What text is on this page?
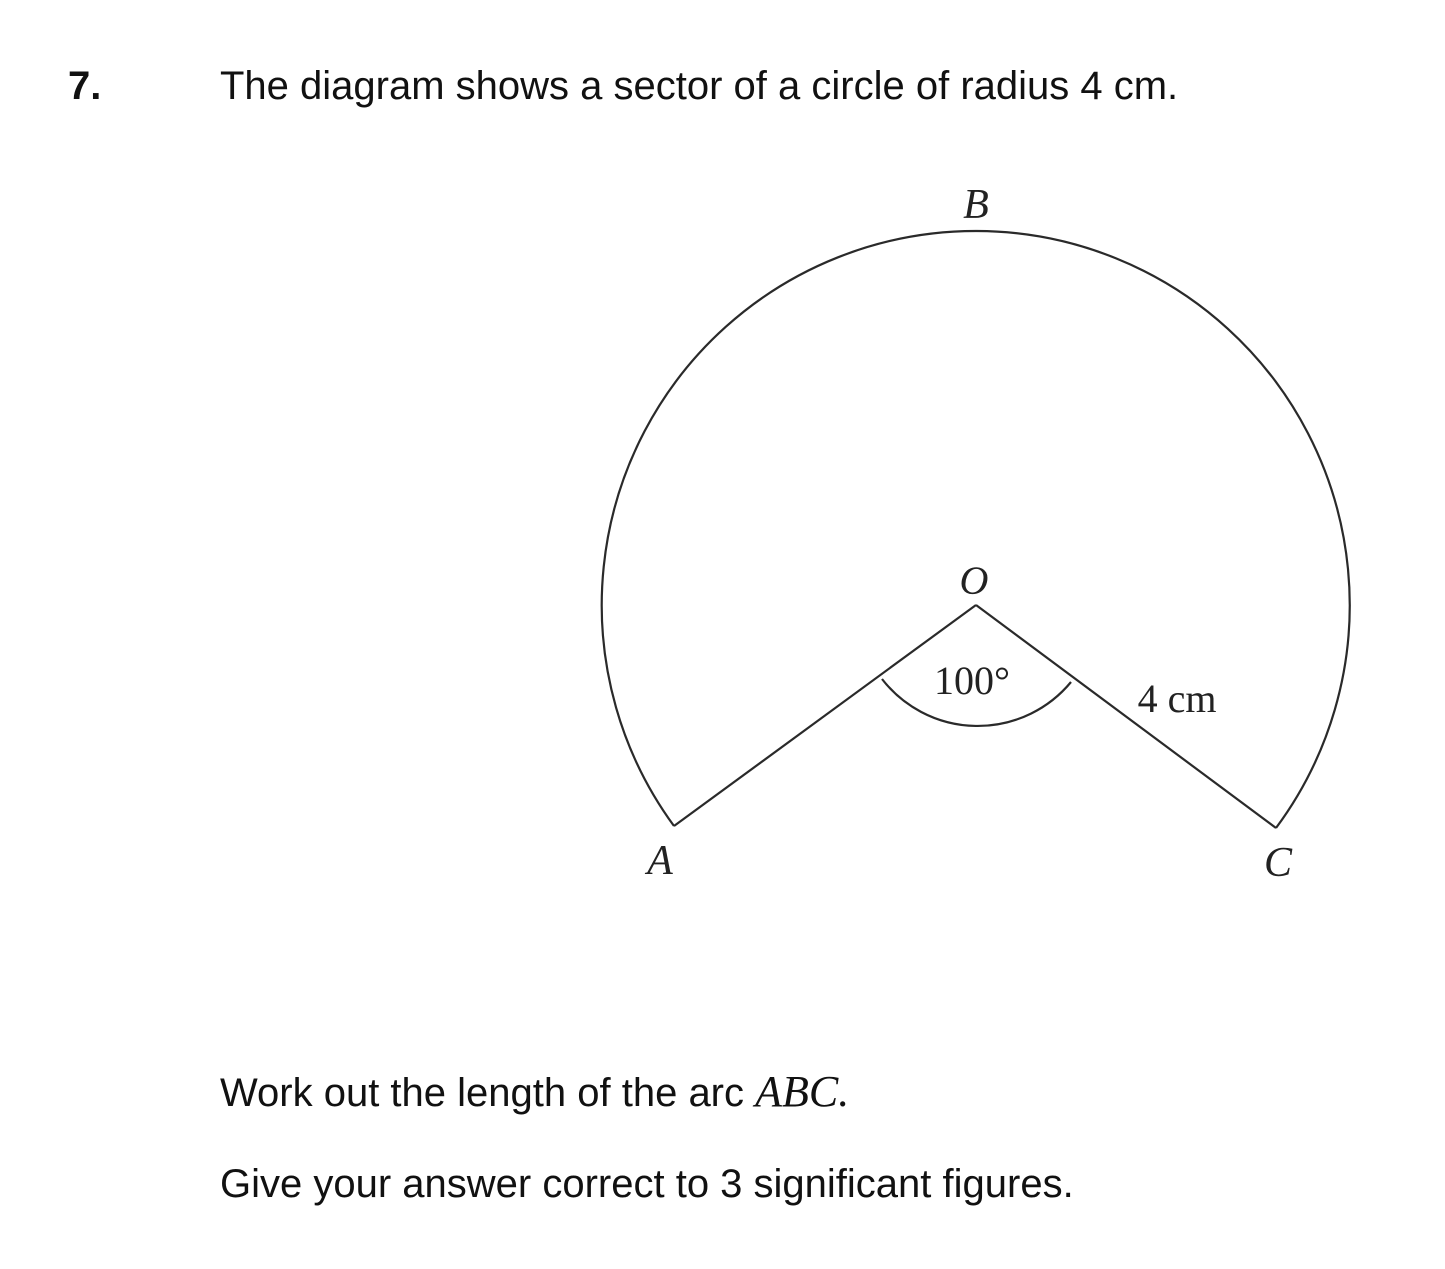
7.	The diagram shows a sector of a circle of radius 4 cm.
B
O
100°	4 cm
A	C
Work out the length of the arc ABC.
Give your answer correct to 3 significant figures.
